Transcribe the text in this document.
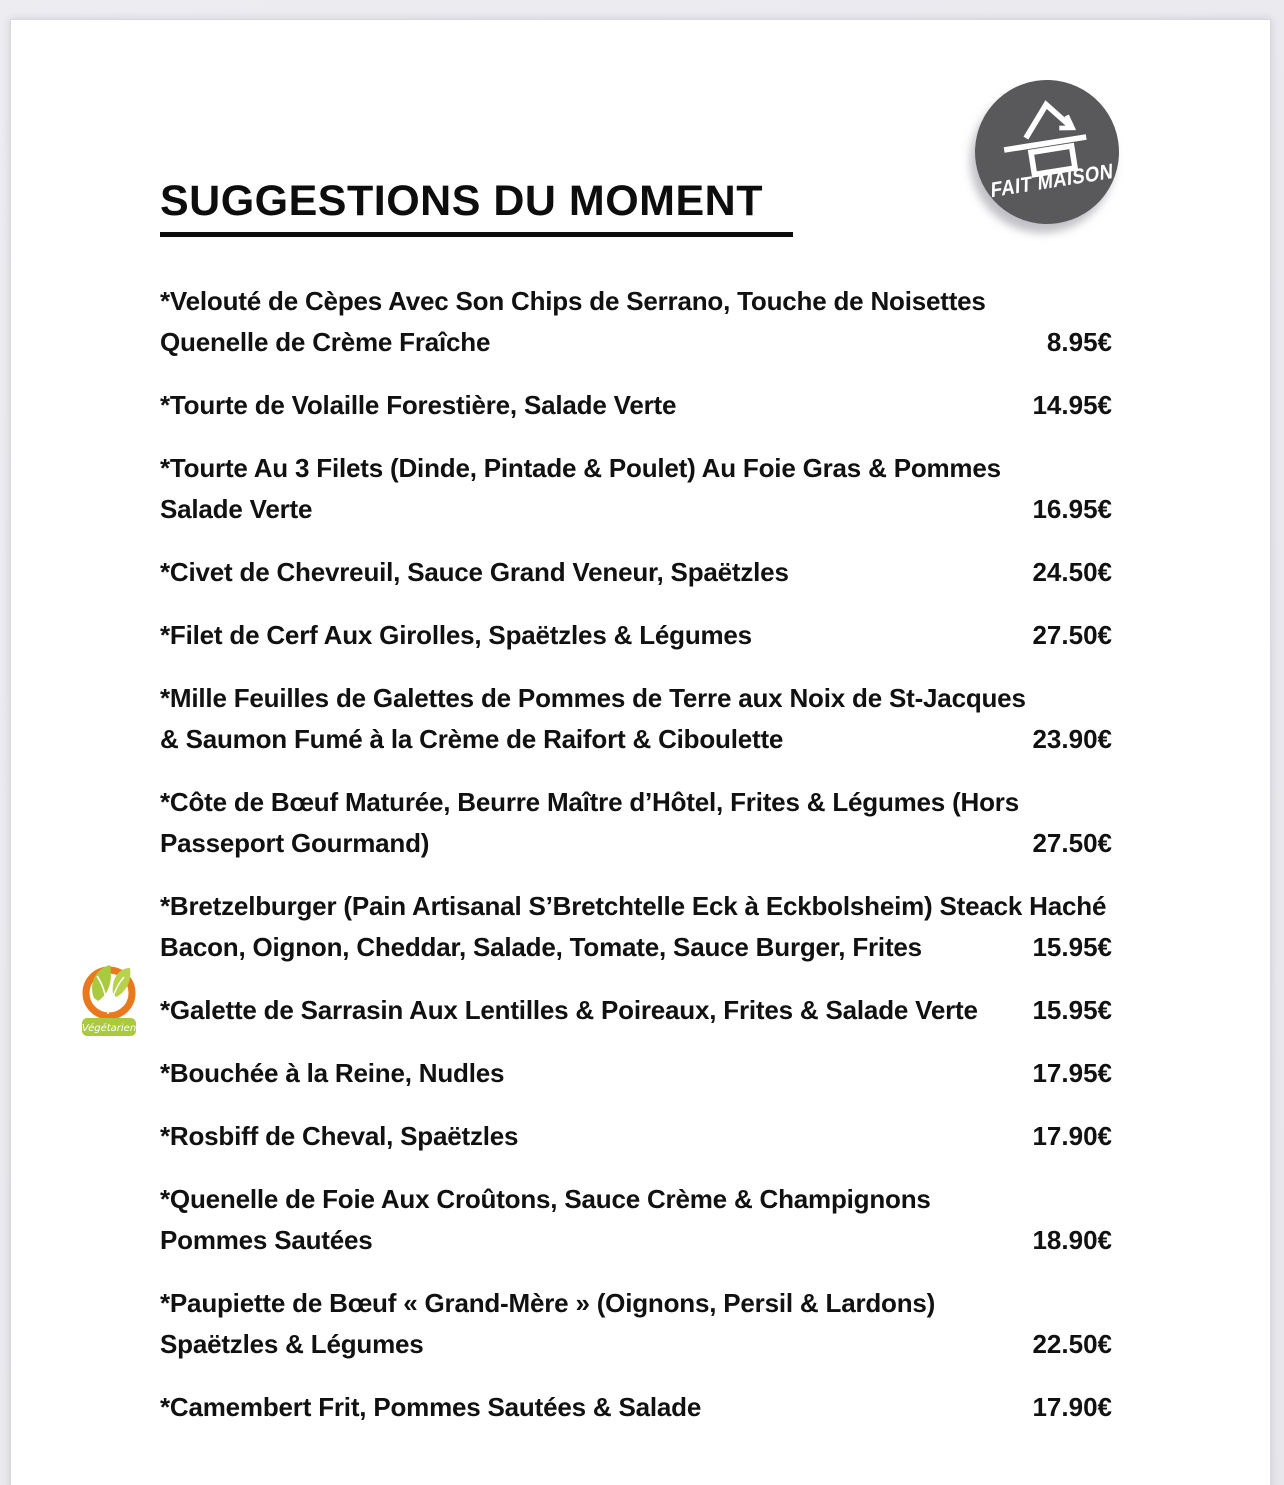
FAIT MAISON
SUGGESTIONS DU MOMENT
*Velouté de Cèpes Avec Son Chips de Serrano, Touche de Noisettes
Quenelle de Crème Fraîche	8.95€
*Tourte de Volaille Forestière, Salade Verte	14.95€
*Tourte Au 3 Filets (Dinde, Pintade & Poulet) Au Foie Gras & Pommes
Salade Verte	16.95€
*Civet de Chevreuil, Sauce Grand Veneur, Spaëtzles	24.50€
*Filet de Cerf Aux Girolles, Spaëtzles & Légumes	27.50€
*Mille Feuilles de Galettes de Pommes de Terre aux Noix de St-Jacques
& Saumon Fumé à la Crème de Raifort & Ciboulette	23.90€
*Côte de Bœuf Maturée, Beurre Maître d’Hôtel, Frites & Légumes (Hors
Passeport Gourmand)	27.50€
*Bretzelburger (Pain Artisanal S’Bretchtelle Eck à Eckbolsheim) Steack Haché
Bacon, Oignon, Cheddar, Salade, Tomate, Sauce Burger, Frites	15.95€
*Galette de Sarrasin Aux Lentilles & Poireaux, Frites & Salade Verte	15.95€
Végétarien
*Bouchée à la Reine, Nudles	17.95€
*Rosbiff de Cheval, Spaëtzles	17.90€
*Quenelle de Foie Aux Croûtons, Sauce Crème & Champignons
Pommes Sautées	18.90€
*Paupiette de Bœuf « Grand-Mère » (Oignons, Persil & Lardons)
Spaëtzles & Légumes	22.50€
*Camembert Frit, Pommes Sautées & Salade	17.90€
